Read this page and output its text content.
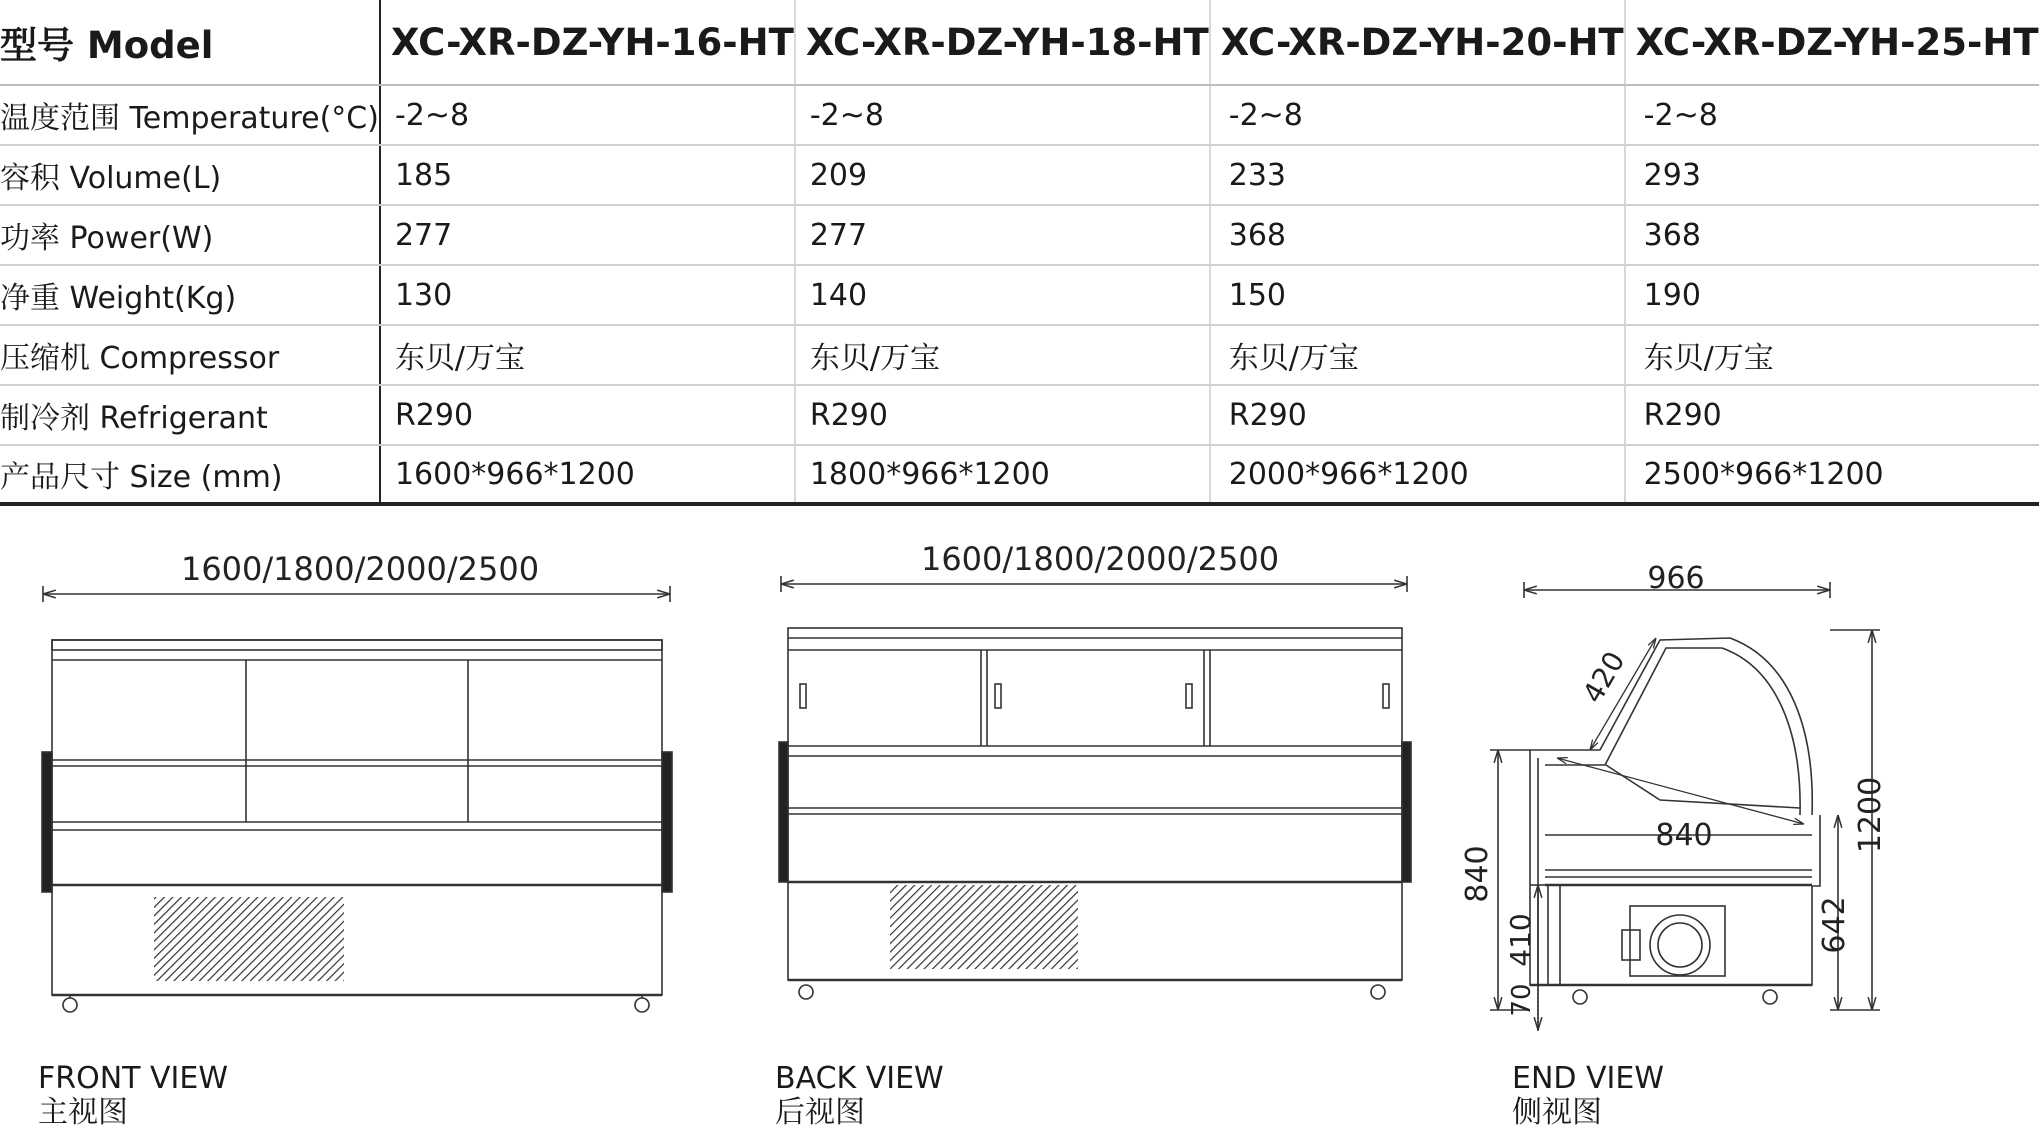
型号 Model	XC-XR-DZ-YH-16-HT	XC-XR-DZ-YH-18-HT	XC-XR-DZ-YH-20-HT	XC-XR-DZ-YH-25-HT
温度范围 Temperature(°C)	-2~8	-2~8	-2~8	-2~8
容积 Volume(L)	185	209	233	293
功率 Power(W)	277	277	368	368
净重 Weight(Kg)	130	140	150	190
压缩机 Compressor	东贝/万宝	东贝/万宝	东贝/万宝	东贝/万宝
制冷剂 Refrigerant	R290	R290	R290	R290
产品尺寸 Size (mm)	1600*966*1200	1800*966*1200	2000*966*1200	2500*966*1200
1600/1800/2000/2500	1600/1800/2000/2500
966
420
840
840
410
70
1200
642
FRONT VIEW
主视图
BACK VIEW
后视图
END VIEW
侧视图
